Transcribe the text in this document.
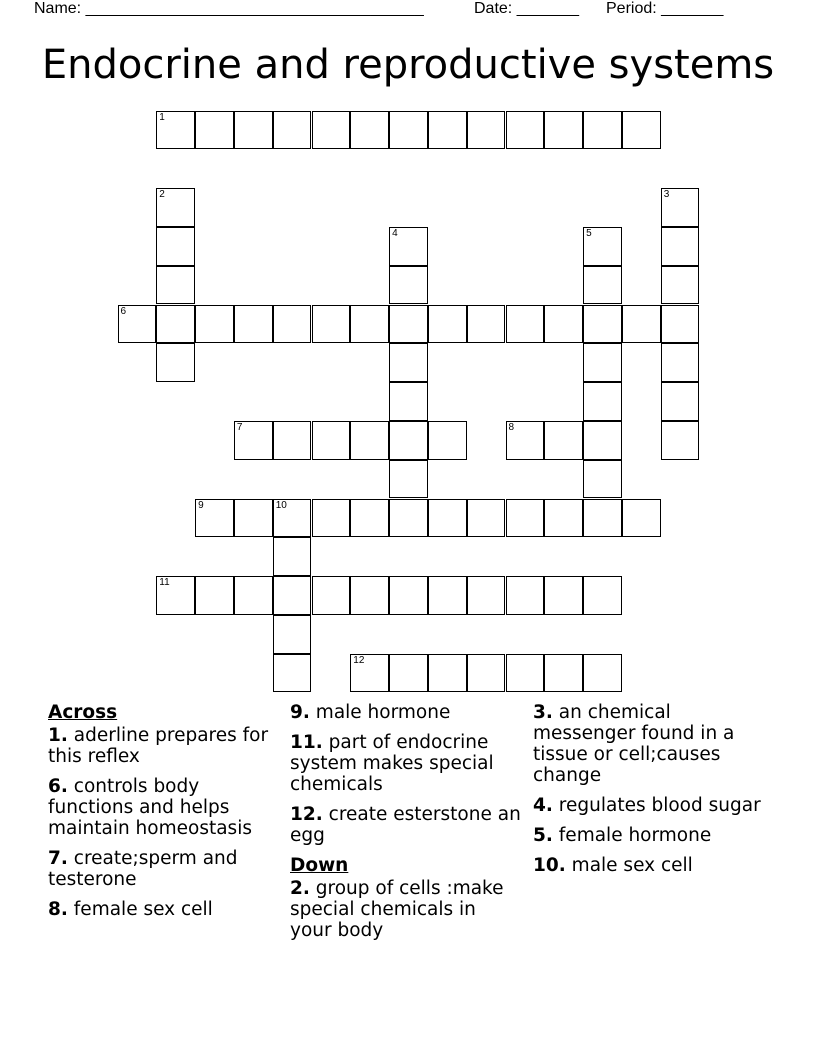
Name: ______________________________________	Date: _______ Period: _______
Endocrine and reproductive systems
1
6
7	8
9	10
11
12
2	3
4	5
Across
1. aderline prepares for this reflex
6. controls body functions and helps maintain homeostasis
7. create;sperm and testerone
8. female sex cell
9. male hormone
11. part of endocrine system makes special chemicals
12. create esterstone an egg
Down
2. group of cells :make special chemicals in your body
3. an chemical messenger found in a tissue or cell;causes change
4. regulates blood sugar
5. female hormone
10. male sex cell
